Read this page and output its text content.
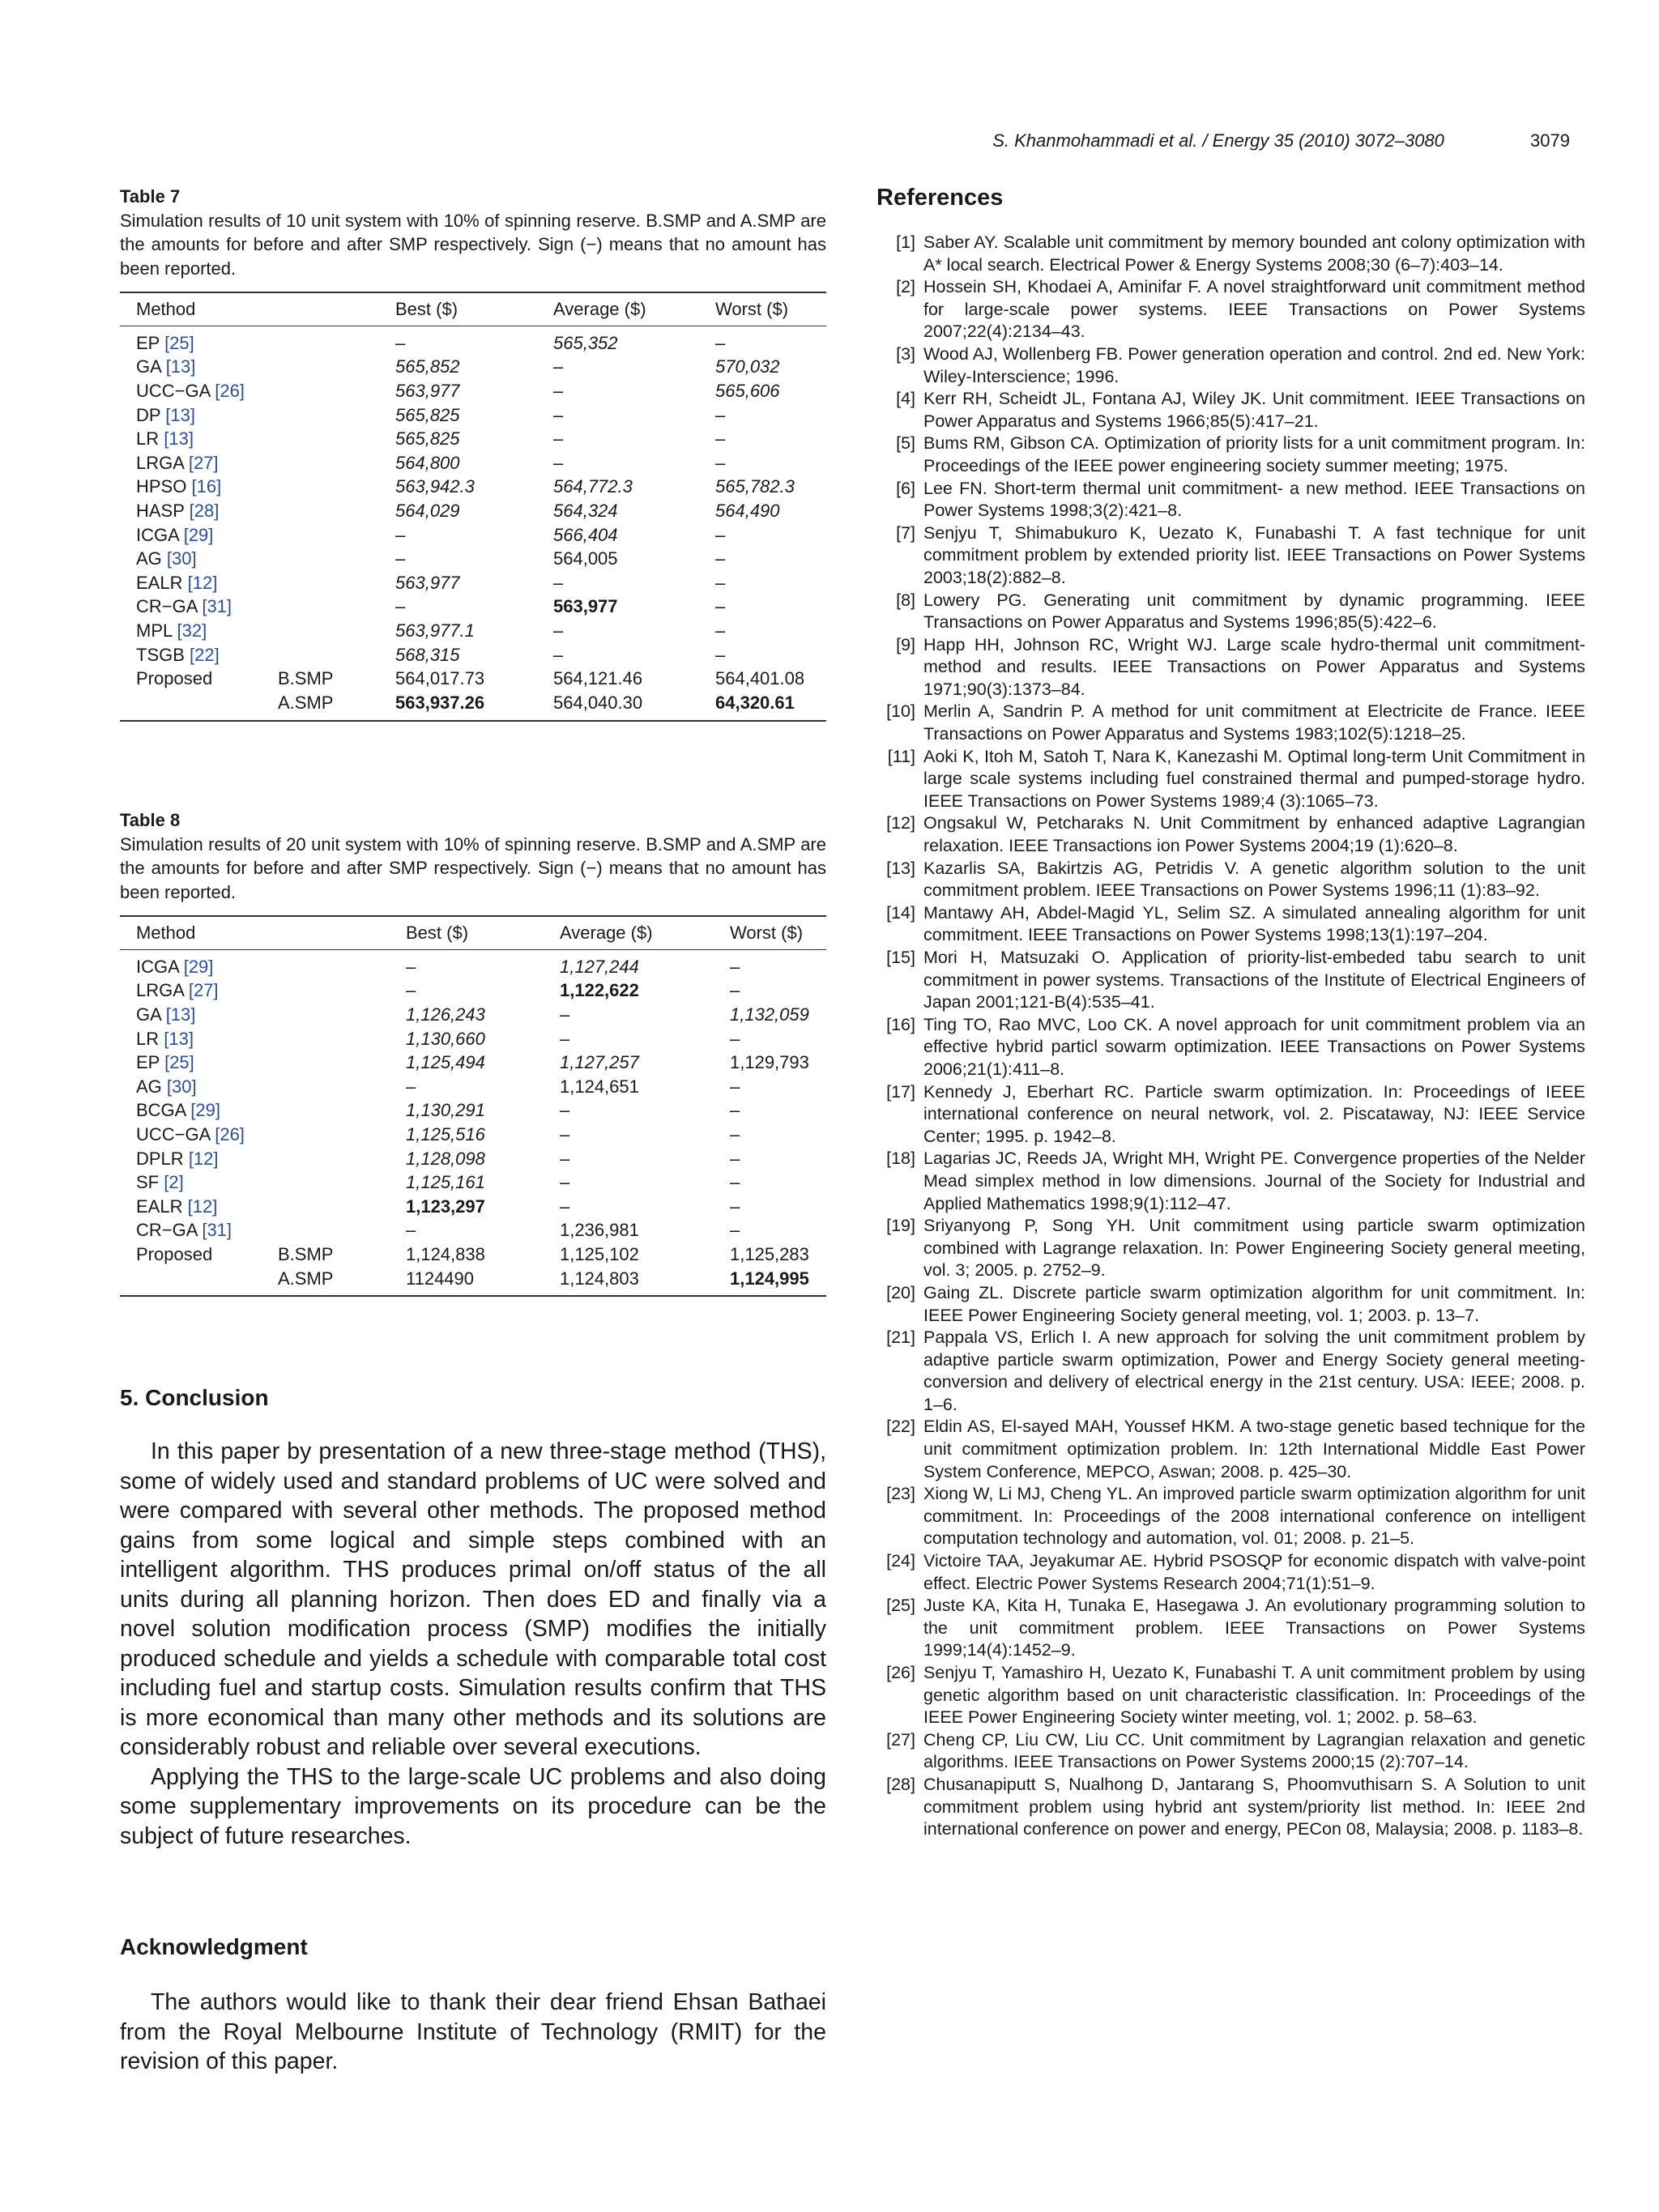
S. Khanmohammadi et al. / Energy 35 (2010) 3072–3080	3079
Table 7
Simulation results of 10 unit system with 10% of spinning reserve. B.SMP and A.SMP are the amounts for before and after SMP respectively. Sign (−) means that no amount has been reported.
Method		Best ($)	Average ($)	Worst ($)
EP [25]		–	565,352	–
GA [13]		565,852	–	570,032
UCC−GA [26]		563,977	–	565,606
DP [13]		565,825	–	–
LR [13]		565,825	–	–
LRGA [27]		564,800	–	–
HPSO [16]		563,942.3	564,772.3	565,782.3
HASP [28]		564,029	564,324	564,490
ICGA [29]		–	566,404	–
AG [30]		–	564,005	–
EALR [12]		563,977	–	–
CR−GA [31]		–	563,977	–
MPL [32]		563,977.1	–	–
TSGB [22]		568,315	–	–
Proposed	B.SMP	564,017.73	564,121.46	564,401.08
	A.SMP	563,937.26	564,040.30	64,320.61
Table 8
Simulation results of 20 unit system with 10% of spinning reserve. B.SMP and A.SMP are the amounts for before and after SMP respectively. Sign (−) means that no amount has been reported.
Method		Best ($)	Average ($)	Worst ($)
ICGA [29]		–	1,127,244	–
LRGA [27]		–	1,122,622	–
GA [13]		1,126,243	–	1,132,059
LR [13]		1,130,660	–	–
EP [25]		1,125,494	1,127,257	1,129,793
AG [30]		–	1,124,651	–
BCGA [29]		1,130,291	–	–
UCC−GA [26]		1,125,516	–	–
DPLR [12]		1,128,098	–	–
SF [2]		1,125,161	–	–
EALR [12]		1,123,297	–	–
CR−GA [31]		–	1,236,981	–
Proposed	B.SMP	1,124,838	1,125,102	1,125,283
	A.SMP	1124490	1,124,803	1,124,995
5. Conclusion

In this paper by presentation of a new three-stage method (THS), some of widely used and standard problems of UC were solved and were compared with several other methods. The proposed method gains from some logical and simple steps combined with an intelligent algorithm. THS produces primal on/off status of the all units during all planning horizon. Then does ED and finally via a novel solution modification process (SMP) modifies the initially produced schedule and yields a schedule with comparable total cost including fuel and startup costs. Simulation results confirm that THS is more economical than many other methods and its solutions are considerably robust and reliable over several executions.

Applying the THS to the large-scale UC problems and also doing some supplementary improvements on its procedure can be the subject of future researches.

Acknowledgment

The authors would like to thank their dear friend Ehsan Bathaei from the Royal Melbourne Institute of Technology (RMIT) for the revision of this paper.

References
[1] Saber AY. Scalable unit commitment by memory bounded ant colony optimization with A* local search. Electrical Power & Energy Systems 2008;30 (6–7):403–14.
[2] Hossein SH, Khodaei A, Aminifar F. A novel straightforward unit commitment method for large-scale power systems. IEEE Transactions on Power Systems 2007;22(4):2134–43.
[3] Wood AJ, Wollenberg FB. Power generation operation and control. 2nd ed. New York: Wiley-Interscience; 1996.
[4] Kerr RH, Scheidt JL, Fontana AJ, Wiley JK. Unit commitment. IEEE Transactions on Power Apparatus and Systems 1966;85(5):417–21.
[5] Bums RM, Gibson CA. Optimization of priority lists for a unit commitment program. In: Proceedings of the IEEE power engineering society summer meeting; 1975.
[6] Lee FN. Short-term thermal unit commitment- a new method. IEEE Transactions on Power Systems 1998;3(2):421–8.
[7] Senjyu T, Shimabukuro K, Uezato K, Funabashi T. A fast technique for unit commitment problem by extended priority list. IEEE Transactions on Power Systems 2003;18(2):882–8.
[8] Lowery PG. Generating unit commitment by dynamic programming. IEEE Transactions on Power Apparatus and Systems 1996;85(5):422–6.
[9] Happ HH, Johnson RC, Wright WJ. Large scale hydro-thermal unit commitment-method and results. IEEE Transactions on Power Apparatus and Systems 1971;90(3):1373–84.
[10] Merlin A, Sandrin P. A method for unit commitment at Electricite de France. IEEE Transactions on Power Apparatus and Systems 1983;102(5):1218–25.
[11] Aoki K, Itoh M, Satoh T, Nara K, Kanezashi M. Optimal long-term Unit Commitment in large scale systems including fuel constrained thermal and pumped-storage hydro. IEEE Transactions on Power Systems 1989;4 (3):1065–73.
[12] Ongsakul W, Petcharaks N. Unit Commitment by enhanced adaptive Lagrangian relaxation. IEEE Transactions ion Power Systems 2004;19 (1):620–8.
[13] Kazarlis SA, Bakirtzis AG, Petridis V. A genetic algorithm solution to the unit commitment problem. IEEE Transactions on Power Systems 1996;11 (1):83–92.
[14] Mantawy AH, Abdel-Magid YL, Selim SZ. A simulated annealing algorithm for unit commitment. IEEE Transactions on Power Systems 1998;13(1):197–204.
[15] Mori H, Matsuzaki O. Application of priority-list-embeded tabu search to unit commitment in power systems. Transactions of the Institute of Electrical Engineers of Japan 2001;121-B(4):535–41.
[16] Ting TO, Rao MVC, Loo CK. A novel approach for unit commitment problem via an effective hybrid particl sowarm optimization. IEEE Transactions on Power Systems 2006;21(1):411–8.
[17] Kennedy J, Eberhart RC. Particle swarm optimization. In: Proceedings of IEEE international conference on neural network, vol. 2. Piscataway, NJ: IEEE Service Center; 1995. p. 1942–8.
[18] Lagarias JC, Reeds JA, Wright MH, Wright PE. Convergence properties of the Nelder Mead simplex method in low dimensions. Journal of the Society for Industrial and Applied Mathematics 1998;9(1):112–47.
[19] Sriyanyong P, Song YH. Unit commitment using particle swarm optimization combined with Lagrange relaxation. In: Power Engineering Society general meeting, vol. 3; 2005. p. 2752–9.
[20] Gaing ZL. Discrete particle swarm optimization algorithm for unit commitment. In: IEEE Power Engineering Society general meeting, vol. 1; 2003. p. 13–7.
[21] Pappala VS, Erlich I. A new approach for solving the unit commitment problem by adaptive particle swarm optimization, Power and Energy Society general meeting-conversion and delivery of electrical energy in the 21st century. USA: IEEE; 2008. p. 1–6.
[22] Eldin AS, El-sayed MAH, Youssef HKM. A two-stage genetic based technique for the unit commitment optimization problem. In: 12th International Middle East Power System Conference, MEPCO, Aswan; 2008. p. 425–30.
[23] Xiong W, Li MJ, Cheng YL. An improved particle swarm optimization algorithm for unit commitment. In: Proceedings of the 2008 international conference on intelligent computation technology and automation, vol. 01; 2008. p. 21–5.
[24] Victoire TAA, Jeyakumar AE. Hybrid PSOSQP for economic dispatch with valve-point effect. Electric Power Systems Research 2004;71(1):51–9.
[25] Juste KA, Kita H, Tunaka E, Hasegawa J. An evolutionary programming solution to the unit commitment problem. IEEE Transactions on Power Systems 1999;14(4):1452–9.
[26] Senjyu T, Yamashiro H, Uezato K, Funabashi T. A unit commitment problem by using genetic algorithm based on unit characteristic classification. In: Proceedings of the IEEE Power Engineering Society winter meeting, vol. 1; 2002. p. 58–63.
[27] Cheng CP, Liu CW, Liu CC. Unit commitment by Lagrangian relaxation and genetic algorithms. IEEE Transactions on Power Systems 2000;15 (2):707–14.
[28] Chusanapiputt S, Nualhong D, Jantarang S, Phoomvuthisarn S. A Solution to unit commitment problem using hybrid ant system/priority list method. In: IEEE 2nd international conference on power and energy, PECon 08, Malaysia; 2008. p. 1183–8.
